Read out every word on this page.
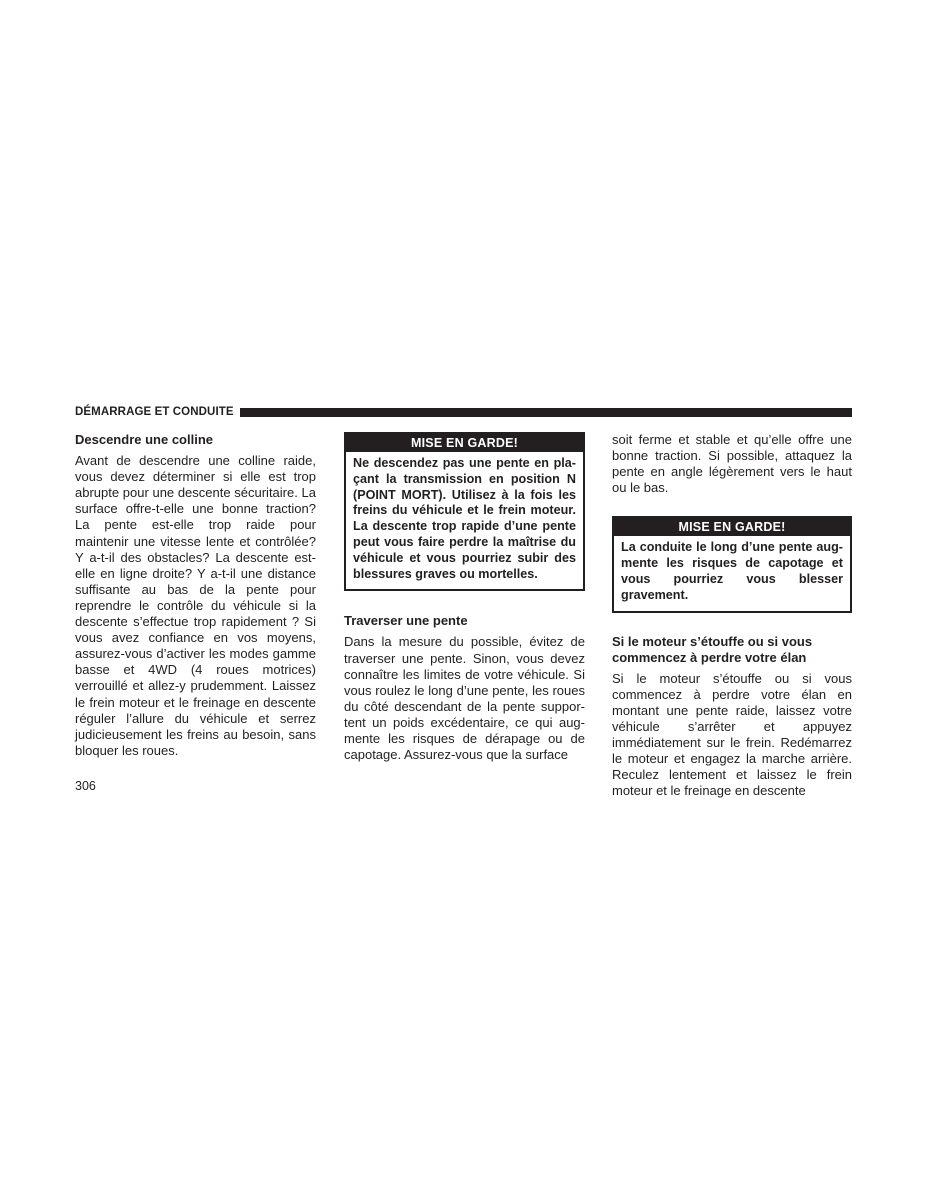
DÉMARRAGE ET CONDUITE
Descendre une colline

Avant de descendre une colline raide, vous devez déterminer si elle est trop abrupte pour une descente sécuritaire. La surface offre-t-elle une bonne traction? La pente est-elle trop raide pour maintenir une vitesse lente et contrôlée? Y a-t-il des obstacles? La descente est-elle en ligne droite? Y a-t-il une distance suffisante au bas de la pente pour reprendre le contrôle du véhicule si la descente s’effectue trop rapidement ? Si vous avez confiance en vos moyens, assurez-vous d’activer les modes gamme basse et 4WD (4 roues motrices) verrouillé et allez-y prudemment. Laissez le frein moteur et le freinage en descente réguler l’allure du véhicule et serrez judicieusement les freins au besoin, sans bloquer les roues.

MISE EN GARDE!
Ne descendez pas une pente en plaçant la transmission en position N (POINT MORT). Utilisez à la fois les freins du véhicule et le frein moteur. La descente trop rapide d’une pente peut vous faire perdre la maîtrise du véhicule et vous pourriez subir des blessures graves ou mortelles.
Traverser une pente

Dans la mesure du possible, évitez de traverser une pente. Sinon, vous devez connaître les limites de votre véhicule. Si vous roulez le long d’une pente, les roues du côté descendant de la pente supportent un poids excédentaire, ce qui augmente les risques de dérapage ou de capotage. Assurez-vous que la surface

soit ferme et stable et qu’elle offre une bonne traction. Si possible, attaquez la pente en angle légèrement vers le haut ou le bas.

MISE EN GARDE!
La conduite le long d’une pente augmente les risques de capotage et vous pourriez vous blesser gravement.
Si le moteur s’étouffe ou si vous commencez à perdre votre élan

Si le moteur s’étouffe ou si vous commencez à perdre votre élan en montant une pente raide, laissez votre véhicule s’arrêter et appuyez immédiatement sur le frein. Redémarrez le moteur et engagez la marche arrière. Reculez lentement et laissez le frein moteur et le freinage en descente

306
